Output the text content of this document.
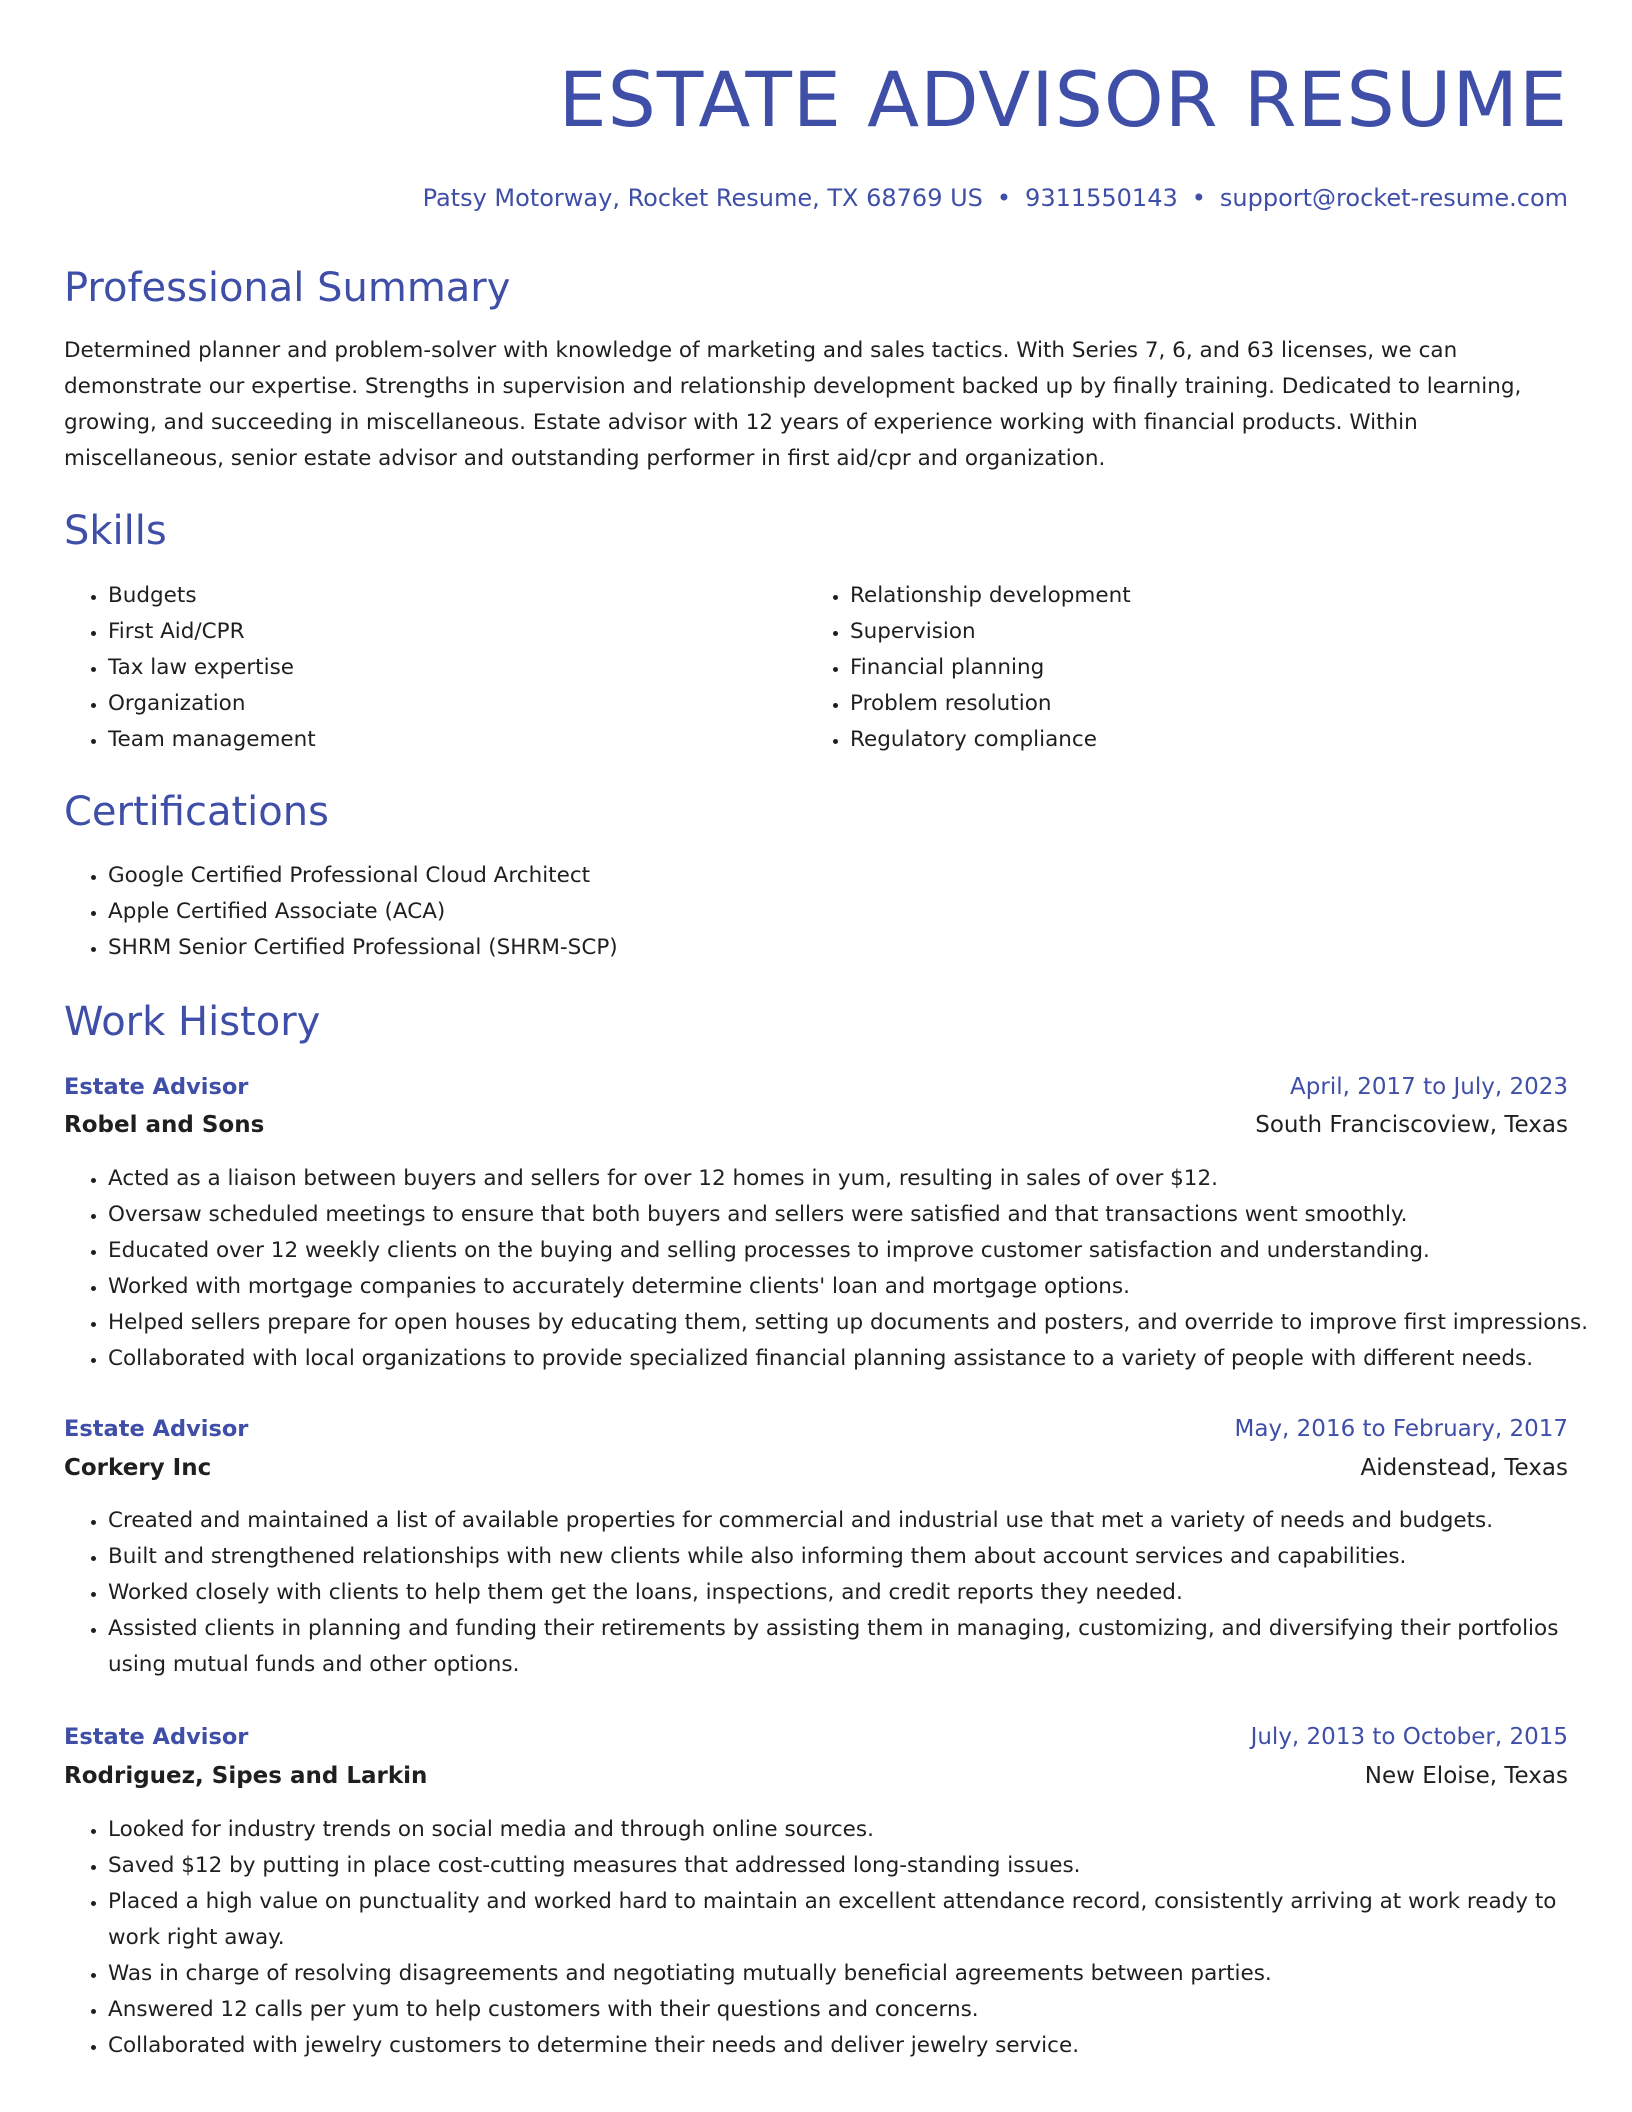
ESTATE ADVISOR RESUME
Patsy Motorway, Rocket Resume, TX 68769 US • 9311550143 • support@rocket-resume.com
Professional Summary

Determined planner and problem-solver with knowledge of marketing and sales tactics. With Series 7, 6, and 63 licenses, we can demonstrate our expertise. Strengths in supervision and relationship development backed up by finally training. Dedicated to learning, growing, and succeeding in miscellaneous. Estate advisor with 12 years of experience working with financial products. Within miscellaneous, senior estate advisor and outstanding performer in first aid/cpr and organization.

Skills
• Budgets
• First Aid/CPR
• Tax law expertise
• Organization
• Team management
• Relationship development
• Supervision
• Financial planning
• Problem resolution
• Regulatory compliance
Certifications
• Google Certified Professional Cloud Architect
• Apple Certified Associate (ACA)
• SHRM Senior Certified Professional (SHRM-SCP)
Work History
Estate Advisor	April, 2017 to July, 2023
Robel and Sons	South Franciscoview, Texas
• Acted as a liaison between buyers and sellers for over 12 homes in yum, resulting in sales of over $12.
• Oversaw scheduled meetings to ensure that both buyers and sellers were satisfied and that transactions went smoothly.
• Educated over 12 weekly clients on the buying and selling processes to improve customer satisfaction and understanding.
• Worked with mortgage companies to accurately determine clients' loan and mortgage options.
• Helped sellers prepare for open houses by educating them, setting up documents and posters, and override to improve first impressions.
• Collaborated with local organizations to provide specialized financial planning assistance to a variety of people with different needs.
Estate Advisor	May, 2016 to February, 2017
Corkery Inc	Aidenstead, Texas
• Created and maintained a list of available properties for commercial and industrial use that met a variety of needs and budgets.
• Built and strengthened relationships with new clients while also informing them about account services and capabilities.
• Worked closely with clients to help them get the loans, inspections, and credit reports they needed.
• Assisted clients in planning and funding their retirements by assisting them in managing, customizing, and diversifying their portfolios using mutual funds and other options.
Estate Advisor	July, 2013 to October, 2015
Rodriguez, Sipes and Larkin	New Eloise, Texas
• Looked for industry trends on social media and through online sources.
• Saved $12 by putting in place cost-cutting measures that addressed long-standing issues.
• Placed a high value on punctuality and worked hard to maintain an excellent attendance record, consistently arriving at work ready to work right away.
• Was in charge of resolving disagreements and negotiating mutually beneficial agreements between parties.
• Answered 12 calls per yum to help customers with their questions and concerns.
• Collaborated with jewelry customers to determine their needs and deliver jewelry service.
